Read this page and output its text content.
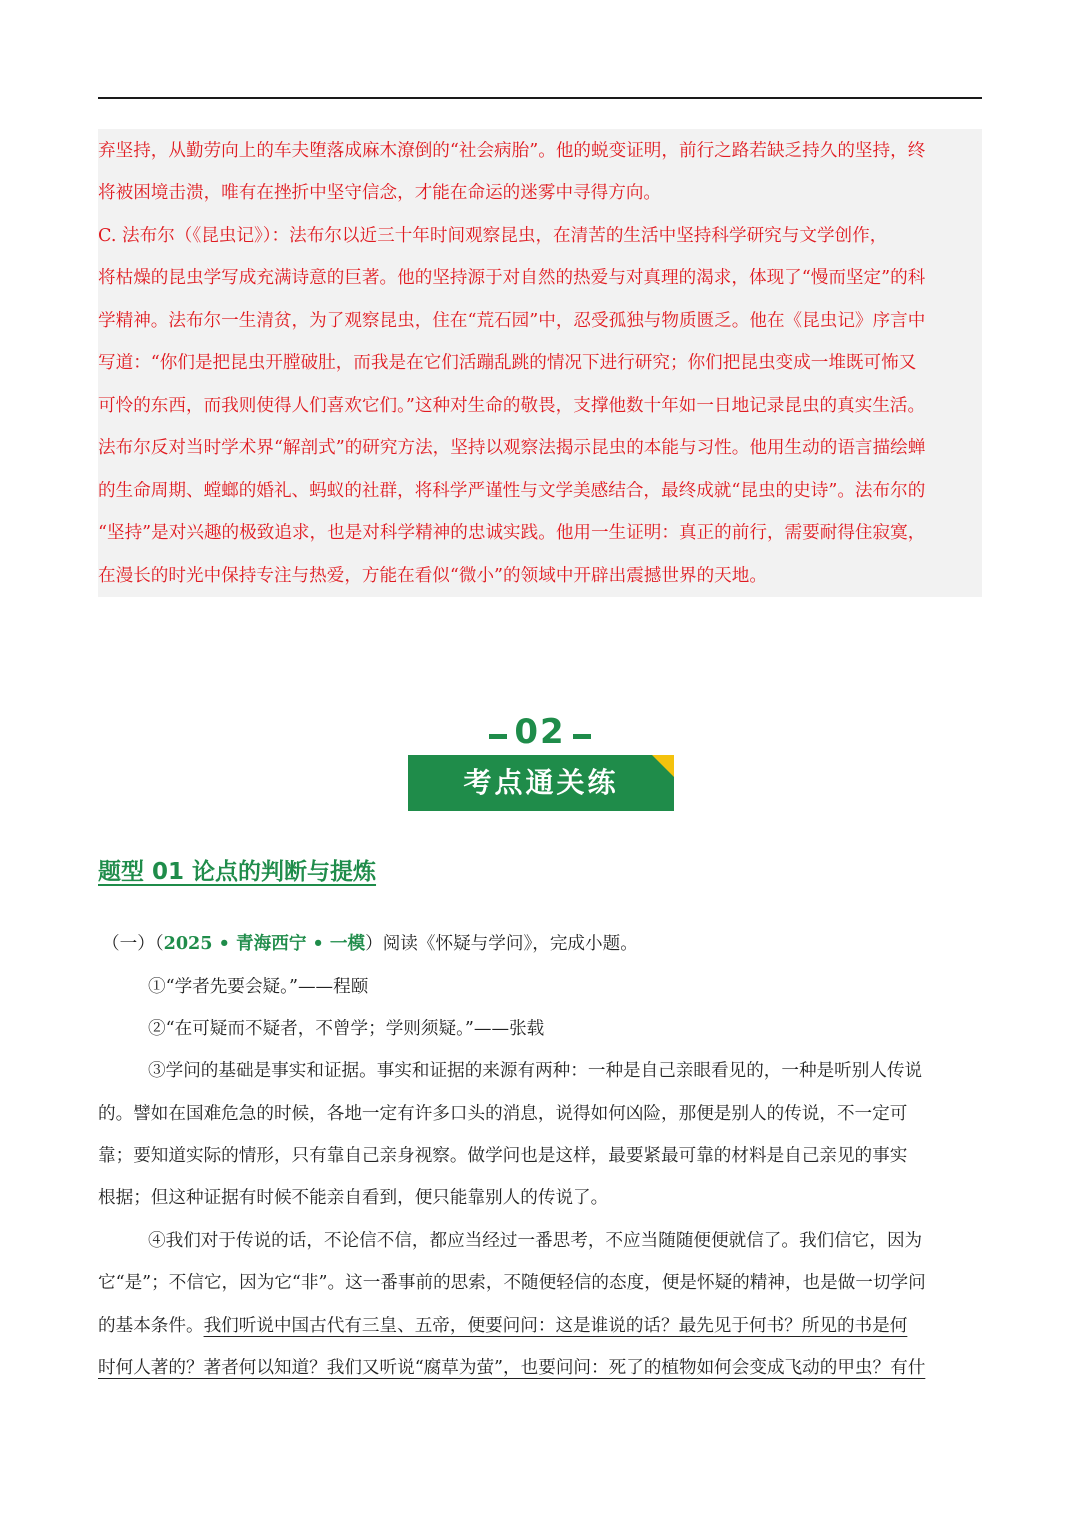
弃坚持，从勤劳向上的车夫堕落成麻木潦倒的“社会病胎”。他的蜕变证明，前行之路若缺乏持久的坚持，终
将被困境击溃，唯有在挫折中坚守信念，才能在命运的迷雾中寻得方向。
C. 法布尔（《昆虫记》）：法布尔以近三十年时间观察昆虫，在清苦的生活中坚持科学研究与文学创作，
将枯燥的昆虫学写成充满诗意的巨著。他的坚持源于对自然的热爱与对真理的渴求，体现了“慢而坚定”的科
学精神。法布尔一生清贫，为了观察昆虫，住在“荒石园”中，忍受孤独与物质匮乏。他在《昆虫记》序言中
写道：“你们是把昆虫开膛破肚，而我是在它们活蹦乱跳的情况下进行研究；你们把昆虫变成一堆既可怖又
可怜的东西，而我则使得人们喜欢它们。”这种对生命的敬畏，支撑他数十年如一日地记录昆虫的真实生活。
法布尔反对当时学术界“解剖式”的研究方法，坚持以观察法揭示昆虫的本能与习性。他用生动的语言描绘蝉
的生命周期、螳螂的婚礼、蚂蚁的社群，将科学严谨性与文学美感结合，最终成就“昆虫的史诗”。法布尔的
“坚持”是对兴趣的极致追求，也是对科学精神的忠诚实践。他用一生证明：真正的前行，需要耐得住寂寞，
在漫长的时光中保持专注与热爱，方能在看似“微小”的领域中开辟出震撼世界的天地。
02
考点通关练
题型 01 论点的判断与提炼
（一）（2025 • 青海西宁 • 一模）阅读《怀疑与学问》，完成小题。
①“学者先要会疑。”——程颐
②“在可疑而不疑者，不曾学；学则须疑。”——张载
③学问的基础是事实和证据。事实和证据的来源有两种：一种是自己亲眼看见的，一种是听别人传说
的。譬如在国难危急的时候，各地一定有许多口头的消息，说得如何凶险，那便是别人的传说，不一定可
靠；要知道实际的情形，只有靠自己亲身视察。做学问也是这样，最要紧最可靠的材料是自己亲见的事实
根据；但这种证据有时候不能亲自看到，便只能靠别人的传说了。
④我们对于传说的话，不论信不信，都应当经过一番思考，不应当随随便便就信了。我们信它，因为
它“是”；不信它，因为它“非”。这一番事前的思索，不随便轻信的态度，便是怀疑的精神，也是做一切学问
的基本条件。我们听说中国古代有三皇、五帝，便要问问：这是谁说的话？最先见于何书？所见的书是何
时何人著的？著者何以知道？我们又听说“腐草为萤”，也要问问：死了的植物如何会变成飞动的甲虫？有什
